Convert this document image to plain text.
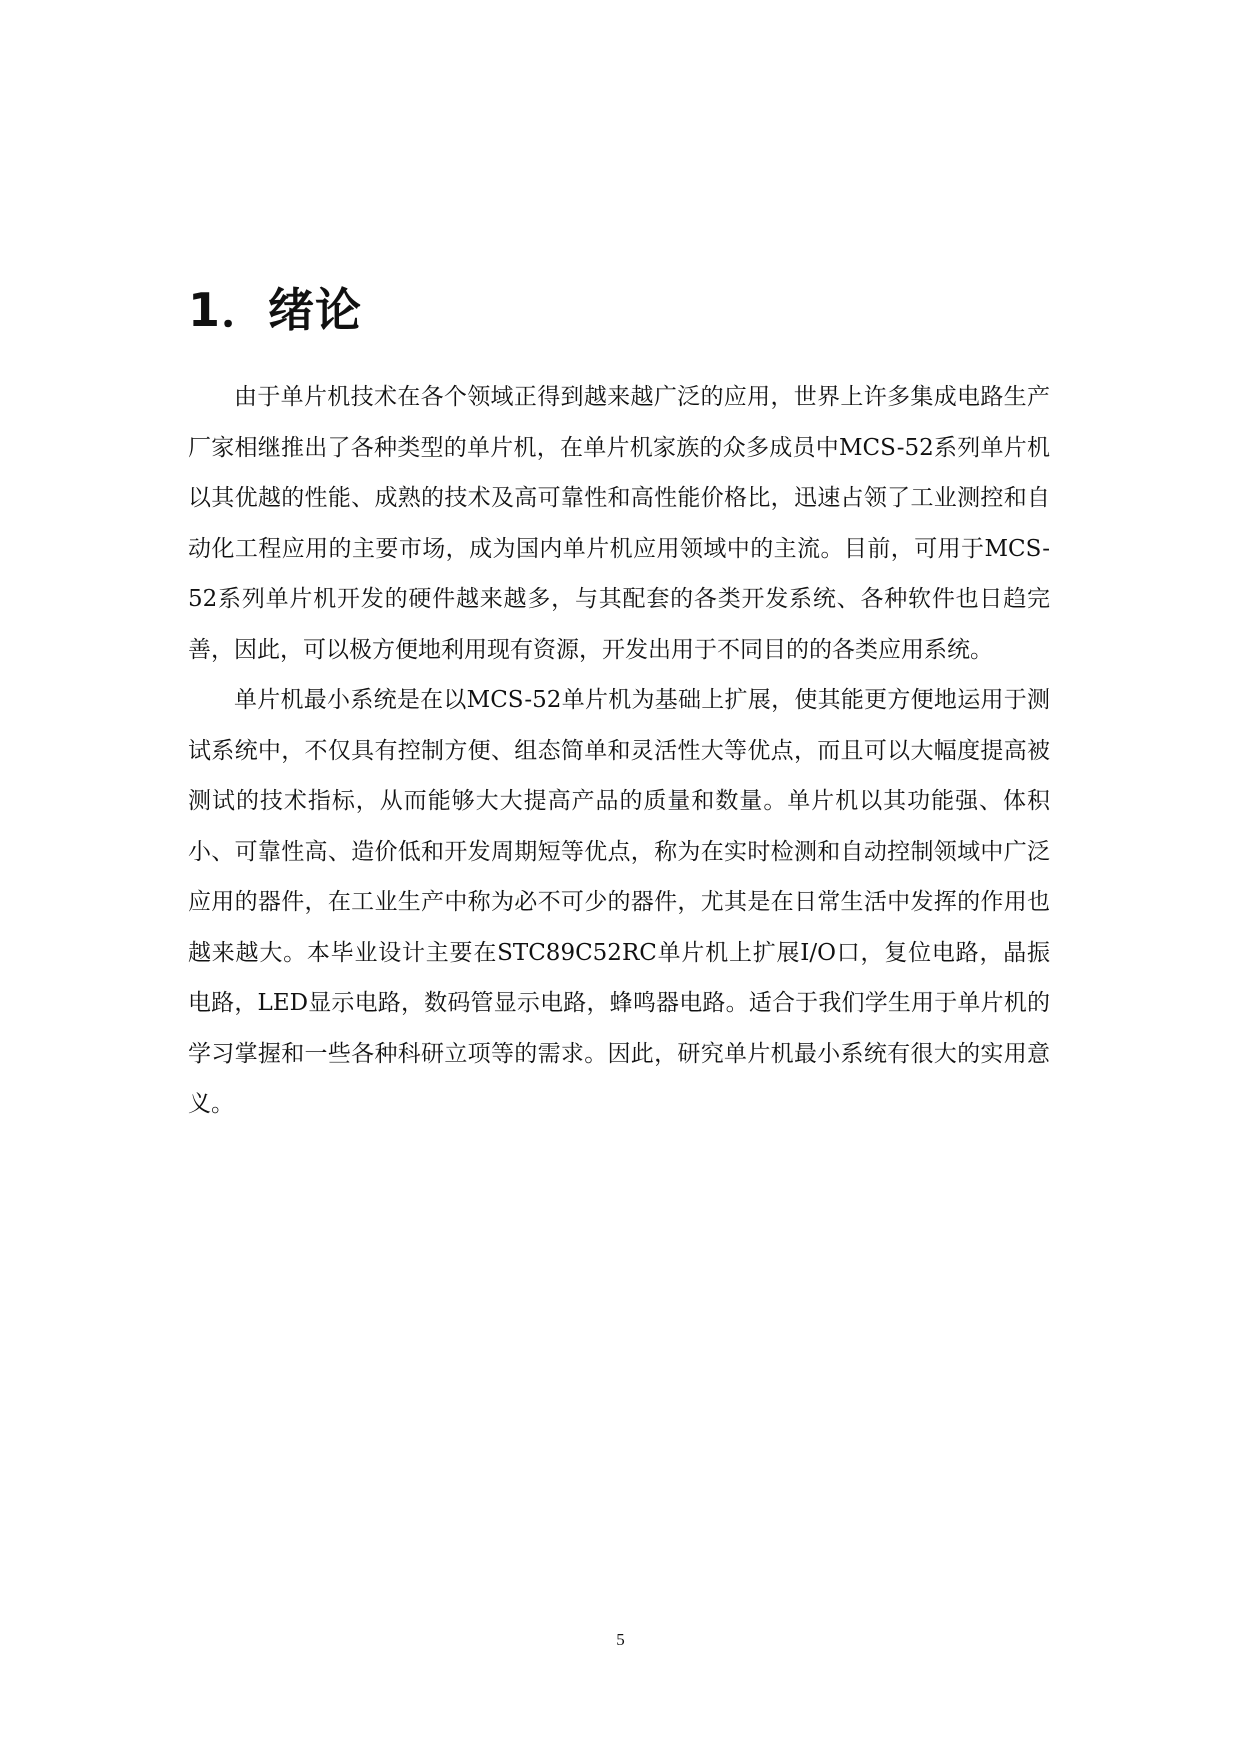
1．绪论

由于单片机技术在各个领域正得到越来越广泛的应用，世界上许多集成电路生产厂家相继推出了各种类型的单片机，在单片机家族的众多成员中MCS-52系列单片机以其优越的性能、成熟的技术及高可靠性和高性能价格比，迅速占领了工业测控和自动化工程应用的主要市场，成为国内单片机应用领域中的主流。目前，可用于MCS-52系列单片机开发的硬件越来越多，与其配套的各类开发系统、各种软件也日趋完善，因此，可以极方便地利用现有资源，开发出用于不同目的的各类应用系统。

单片机最小系统是在以MCS-52单片机为基础上扩展，使其能更方便地运用于测试系统中，不仅具有控制方便、组态简单和灵活性大等优点，而且可以大幅度提高被测试的技术指标，从而能够大大提高产品的质量和数量。单片机以其功能强、体积小、可靠性高、造价低和开发周期短等优点，称为在实时检测和自动控制领域中广泛应用的器件，在工业生产中称为必不可少的器件，尤其是在日常生活中发挥的作用也越来越大。本毕业设计主要在STC89C52RC单片机上扩展I/O口，复位电路，晶振电路，LED显示电路，数码管显示电路，蜂鸣器电路。适合于我们学生用于单片机的学习掌握和一些各种科研立项等的需求。因此，研究单片机最小系统有很大的实用意义。

5
